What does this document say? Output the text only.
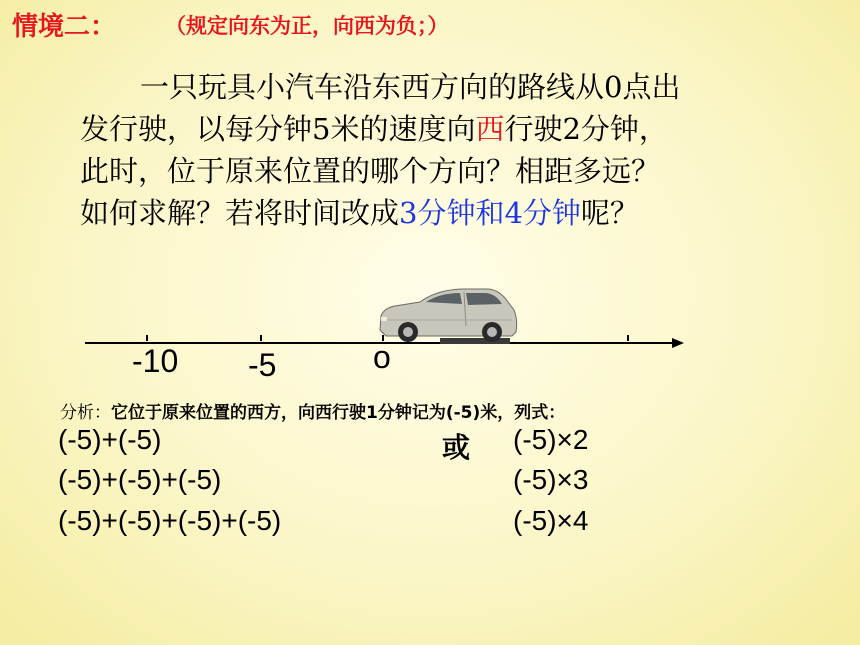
情境二： （规定向东为正，向西为负；）
一只玩具小汽车沿东西方向的路线从0点出
发行驶，以每分钟5米的速度向西行驶2分钟，
此时，位于原来位置的哪个方向？相距多远？
如何求解？若将时间改成3分钟和4分钟呢？
-10 -5	o
分析：它位于原来位置的西方，向西行驶1分钟记为(-5)米，列式：
(-5)+(-5)
(-5)+(-5)+(-5)
(-5)+(-5)+(-5)+(-5)
或 (-5)×2
(-5)×3
(-5)×4
